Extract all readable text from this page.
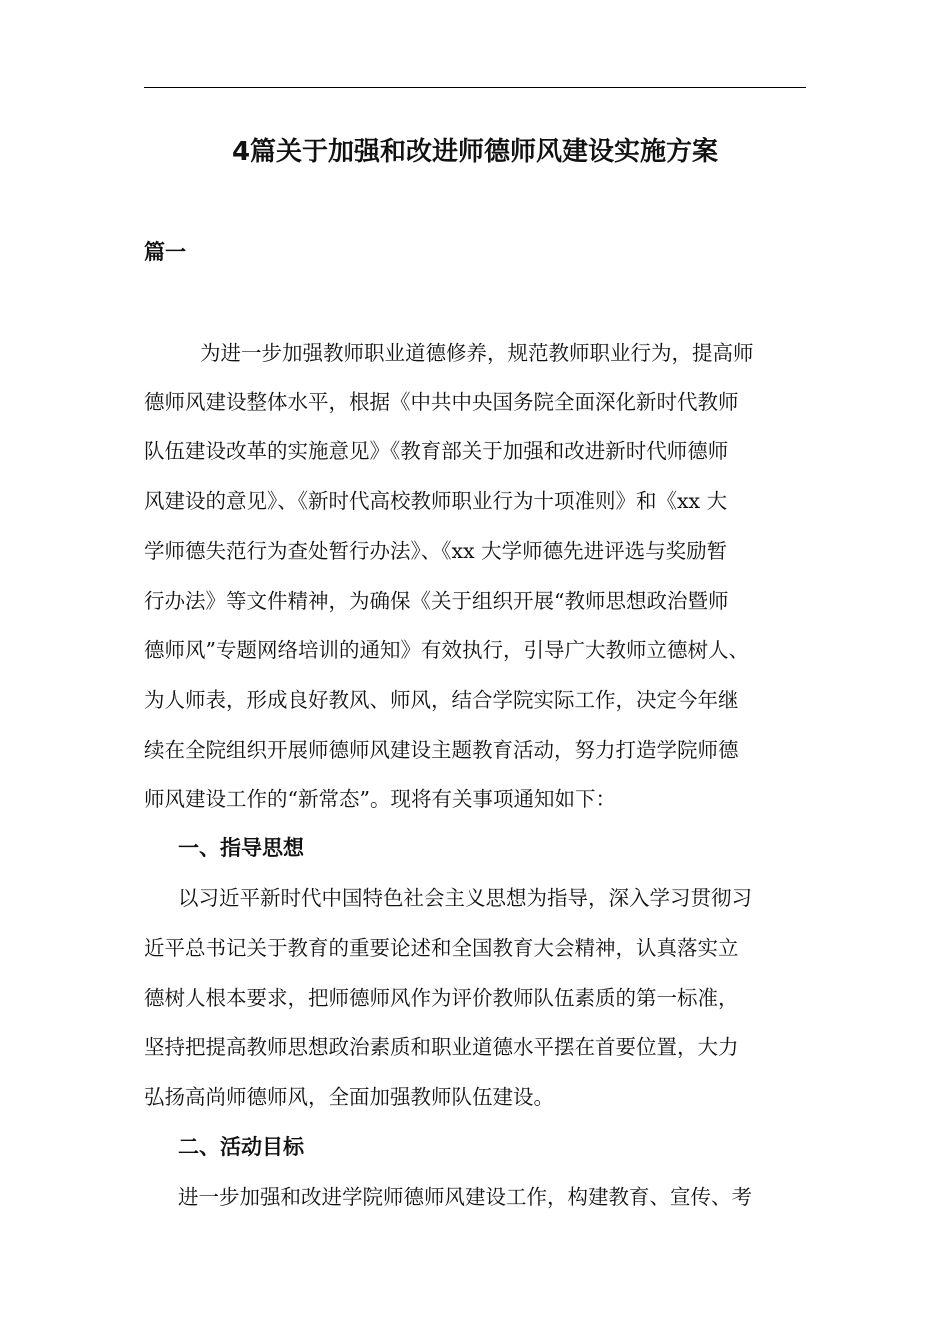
4篇关于加强和改进师德师风建设实施方案
篇一

为进一步加强教师职业道德修养，规范教师职业行为，提高师

德师风建设整体水平，根据《中共中央国务院全面深化新时代教师

队伍建设改革的实施意见》《教育部关于加强和改进新时代师德师

风建设的意见》、《新时代高校教师职业行为十项准则》和《xx 大

学师德失范行为查处暂行办法》、《xx 大学师德先进评选与奖励暂

行办法》等文件精神，为确保《关于组织开展“教师思想政治暨师

德师风”专题网络培训的通知》有效执行，引导广大教师立德树人、

为人师表，形成良好教风、师风，结合学院实际工作，决定今年继

续在全院组织开展师德师风建设主题教育活动，努力打造学院师德

师风建设工作的“新常态”。现将有关事项通知如下：

一、指导思想

以习近平新时代中国特色社会主义思想为指导，深入学习贯彻习

近平总书记关于教育的重要论述和全国教育大会精神，认真落实立

德树人根本要求，把师德师风作为评价教师队伍素质的第一标准，

坚持把提高教师思想政治素质和职业道德水平摆在首要位置，大力

弘扬高尚师德师风，全面加强教师队伍建设。

二、活动目标

进一步加强和改进学院师德师风建设工作，构建教育、宣传、考
